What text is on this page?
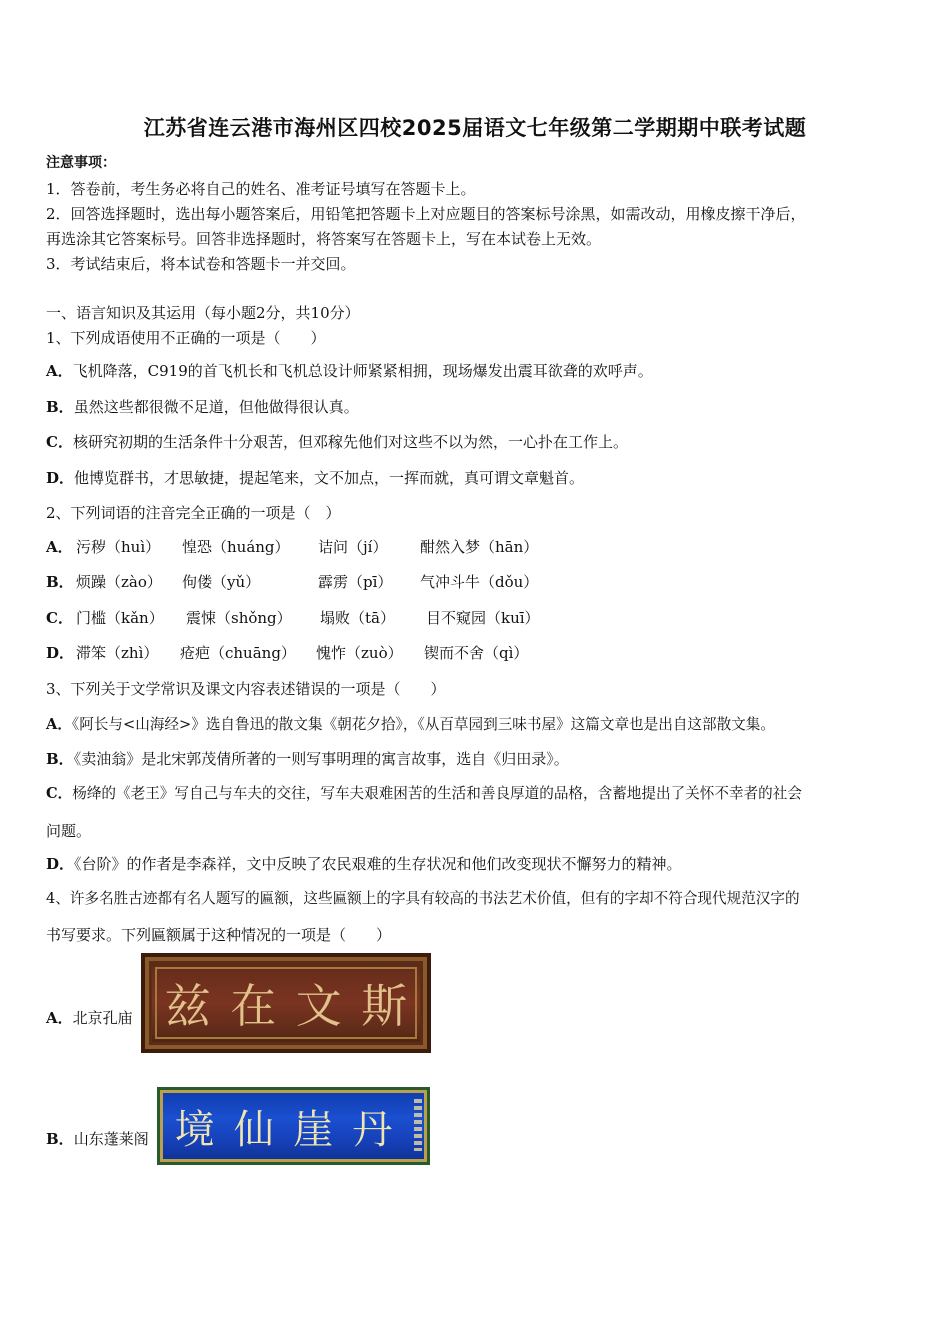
江苏省连云港市海州区四校2025届语文七年级第二学期期中联考试题
注意事项：
1．答卷前，考生务必将自己的姓名、准考证号填写在答题卡上。
2．回答选择题时，选出每小题答案后，用铅笔把答题卡上对应题目的答案标号涂黑，如需改动，用橡皮擦干净后，
再选涂其它答案标号。回答非选择题时，将答案写在答题卡上，写在本试卷上无效。
3．考试结束后，将本试卷和答题卡一并交回。
一、语言知识及其运用（每小题2分，共10分）
1、下列成语使用不正确的一项是（　　）
A．飞机降落，C919的首飞机长和飞机总设计师紧紧相拥，现场爆发出震耳欲聋的欢呼声。
B．虽然这些都很微不足道，但他做得很认真。
C．核研究初期的生活条件十分艰苦，但邓稼先他们对这些不以为然，一心扑在工作上。
D．他博览群书，才思敏捷，提起笔来，文不加点，一挥而就，真可谓文章魁首。
2、下列词语的注音完全正确的一项是（　）
A． 污秽（huì） 惶恐（huáng） 诘问（jí） 酣然入梦（hān）
B． 烦躁（zào） 佝偻（yǔ）	霹雳（pī） 气冲斗牛（dǒu）
C． 门槛（kǎn） 震悚（shǒng） 塌败（tā） 目不窥园（kuī）
D． 滞笨（zhì） 疮疤（chuāng） 愧怍（zuò） 锲而不舍（qì）
3、下列关于文学常识及课文内容表述错误的一项是（　　）
A．《阿长与<山海经>》选自鲁迅的散文集《朝花夕拾》，《从百草园到三味书屋》这篇文章也是出自这部散文集。
B．《卖油翁》是北宋郭茂倩所著的一则写事明理的寓言故事，选自《归田录》。
C．杨绛的《老王》写自己与车夫的交往，写车夫艰难困苦的生活和善良厚道的品格，含蓄地提出了关怀不幸者的社会
问题。
D．《台阶》的作者是李森祥，文中反映了农民艰难的生存状况和他们改变现状不懈努力的精神。
4、许多名胜古迹都有名人题写的匾额，这些匾额上的字具有较高的书法艺术价值，但有的字却不符合现代规范汉字的
书写要求。下列匾额属于这种情况的一项是（　　）
A．北京孔庙 兹 在 文 斯
B．山东蓬莱阁 境 仙 崖 丹
